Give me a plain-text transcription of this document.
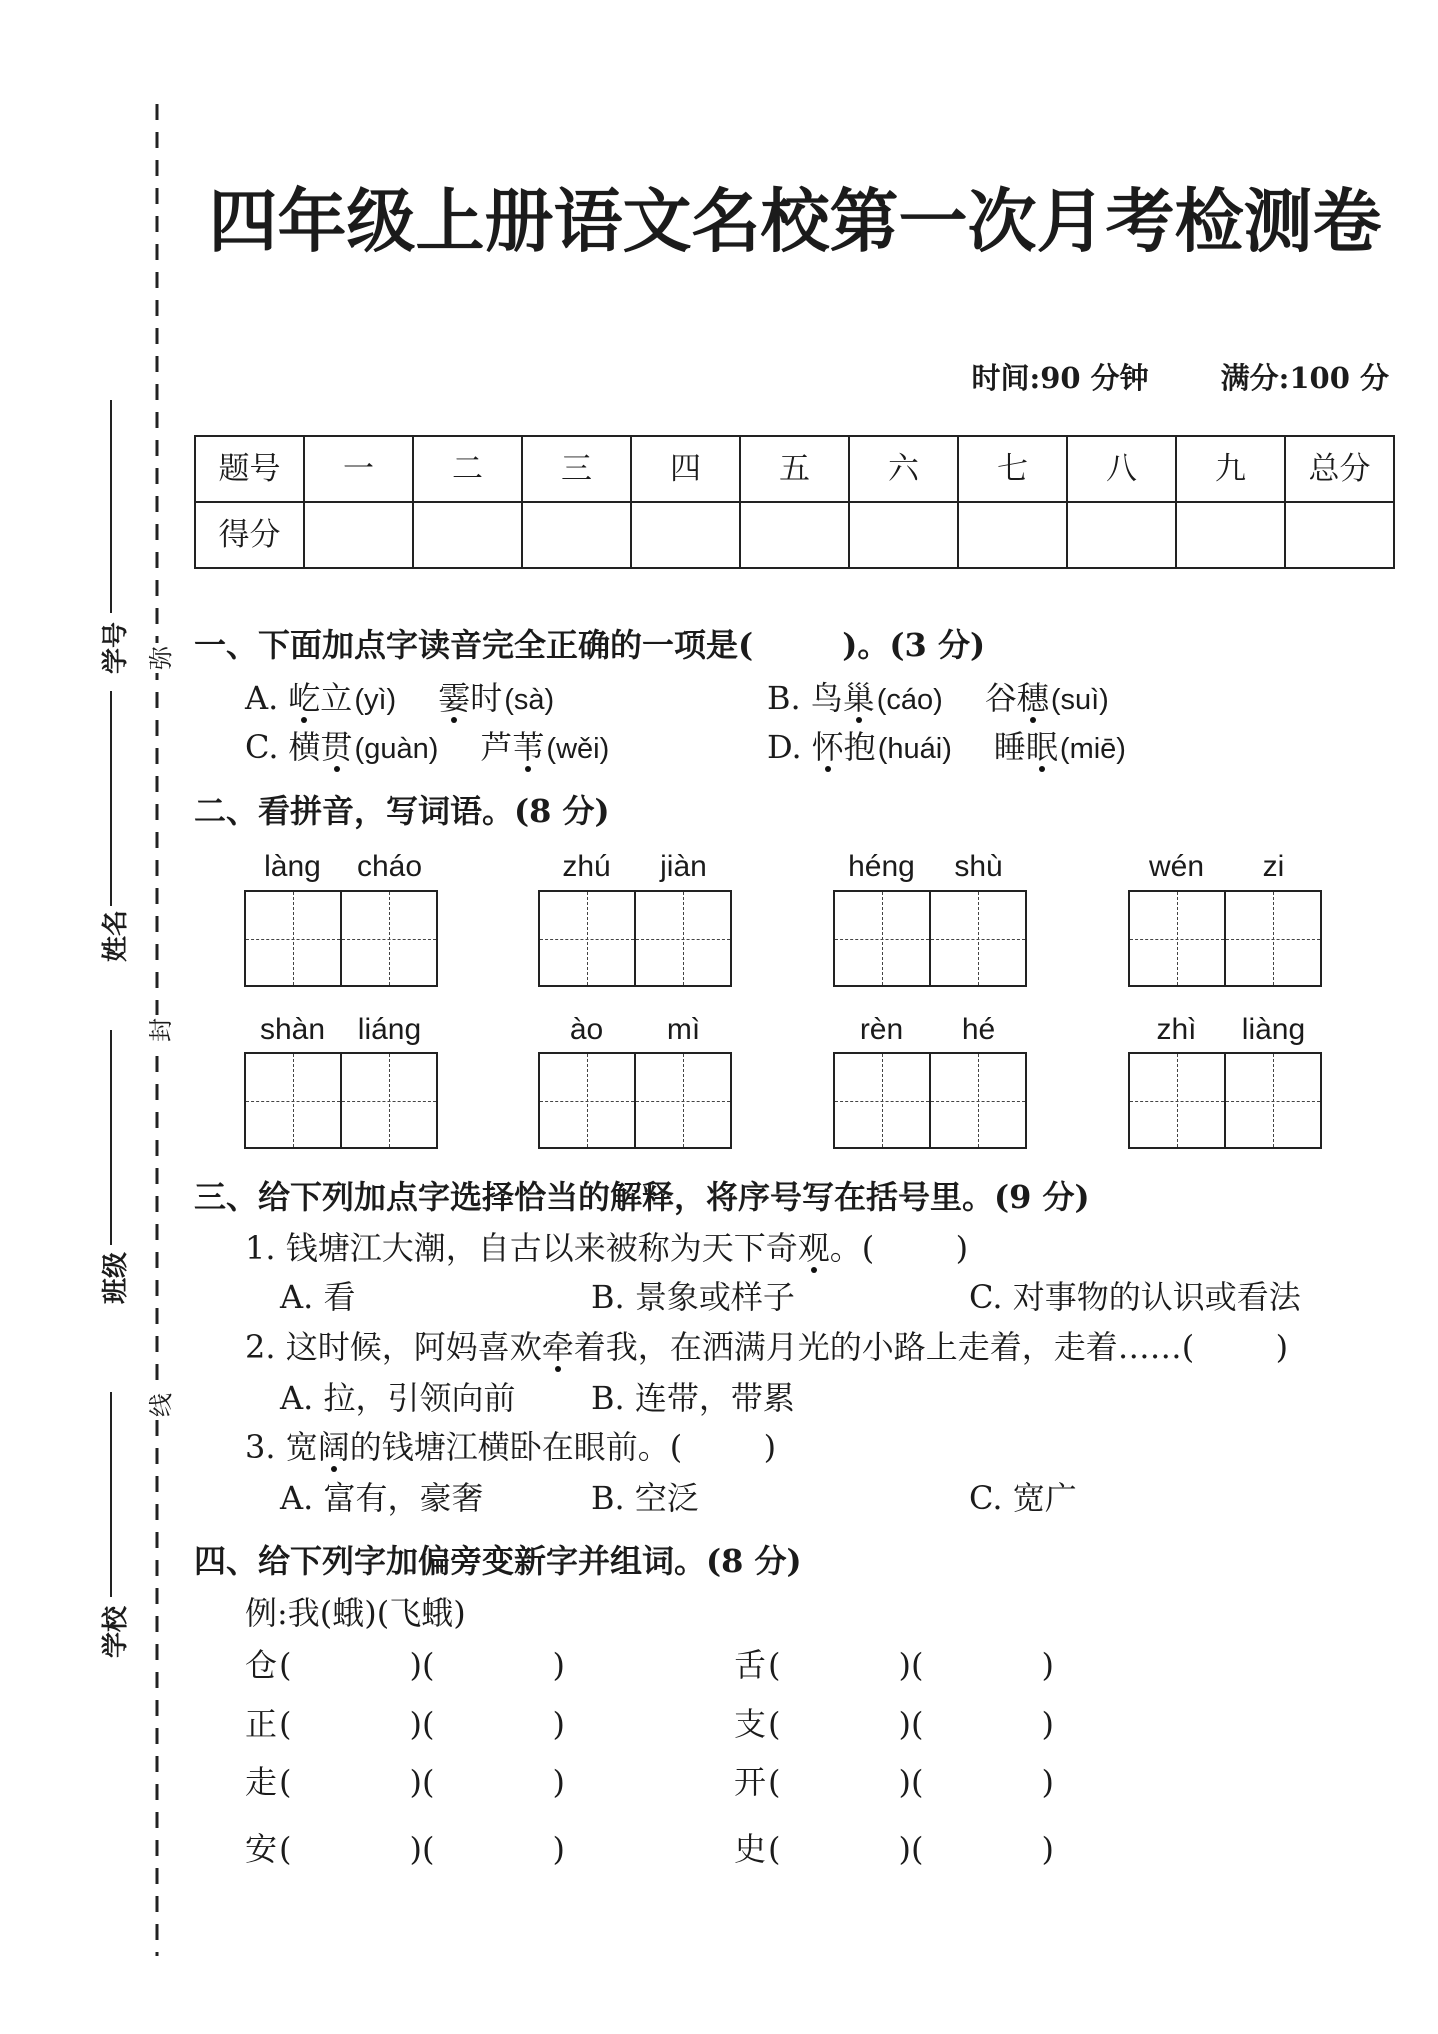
学号
姓名
班级
学校
弥
封
线
四年级上册语文名校第一次月考检测卷
时间:90 分钟 满分:100 分
题号	一	二	三	四	五	六	七	八	九	总分
得分										
一、下面加点字读音完全正确的一项是(        )。(3 分)
A. 屹立(yì) 霎时(sà)	B. 鸟巢(cáo) 谷穗(suì)
C. 横贯(guàn) 芦苇(wěi)	D. 怀抱(huái) 睡眠(miē)
二、看拼音，写词语。(8 分)
làng	cháo	zhú	jiàn	héng	shù	wén	zi
shàn	liáng	ào	mì	rèn	hé	zhì	liàng
三、给下列加点字选择恰当的解释，将序号写在括号里。(9 分)
1. 钱塘江大潮，自古以来被称为天下奇观。(        )
A. 看	B. 景象或样子	C. 对事物的认识或看法
2. 这时候，阿妈喜欢牵着我，在洒满月光的小路上走着，走着……(        )
A. 拉，引领向前 B. 连带，带累
3. 宽阔的钱塘江横卧在眼前。(        )
A. 富有，豪奢	B. 空泛	C. 宽广
四、给下列字加偏旁变新字并组词。(8 分)
例:我(蛾)(飞蛾)
仓 (	)(	)	舌 (	)(	)
正 (	)(	)	支 (	)(	)
走 (	)(	)	开 (	)(	)
安 (	)(	)	史 (	)(	)
